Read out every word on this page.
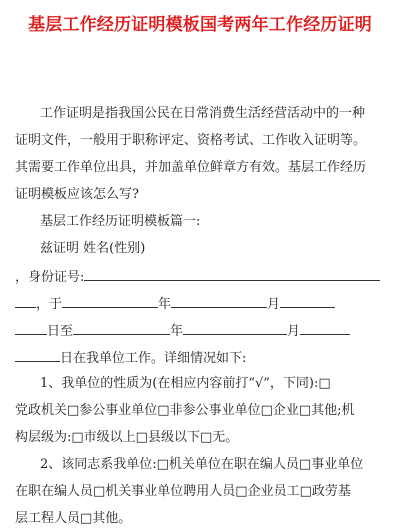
基层工作经历证明模板国考两年工作经历证明
工作证明是指我国公民在日常消费生活经营活动中的一种
证明文件，一般用于职称评定、资格考试、工作收入证明等。
其需要工作单位出具，并加盖单位鲜章方有效。基层工作经历
证明模板应该怎么写?
基层工作经历证明模板篇一:
兹证明 姓名(性别)
，身份证号:
，于	年	月
日至	年	月
日在我单位工作。详细情况如下:
1、我单位的性质为(在相应内容前打“√”，下同):□
党政机关□参公事业单位□非参公事业单位□企业□其他;机
构层级为:□市级以上□县级以下□无。
2、该同志系我单位:□机关单位在职在编人员□事业单位
在职在编人员□机关事业单位聘用人员□企业员工□政劳基
层工程人员□其他。
